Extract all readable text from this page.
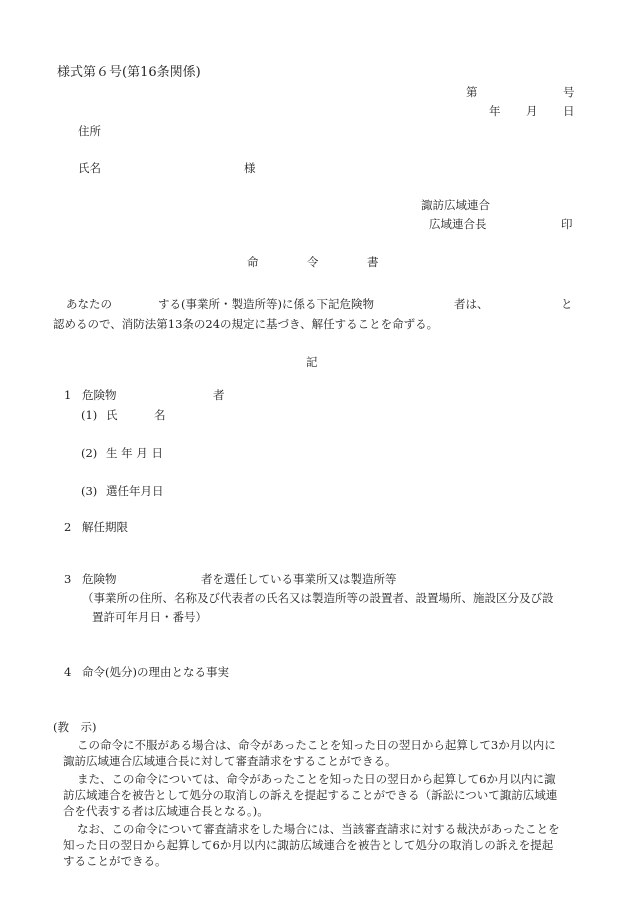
様式第６号(第16条関係)
第	号
年 月 日
住所
氏名	様
諏訪広域連合
広域連合長	印
命	令	書
あなたの	する(事業所・製造所等)に係る下記危険物	者は、	と
認めるので、消防法第13条の24の規定に基づき、解任することを命ずる。
記
1 危険物	者
(1) 氏	名
(2) 生 年 月 日
(3) 選任年月日
2 解任期限
3 危険物	者を選任している事業所又は製造所等
（事業所の住所、名称及び代表者の氏名又は製造所等の設置者、設置場所、施設区分及び設
置許可年月日・番号）
4 命令(処分)の理由となる事実
(教　示)
この命令に不服がある場合は、命令があったことを知った日の翌日から起算して3か月以内に
諏訪広域連合広域連合長に対して審査請求をすることができる。
また、この命令については、命令があったことを知った日の翌日から起算して6か月以内に諏
訪広域連合を被告として処分の取消しの訴えを提起することができる（訴訟について諏訪広域連
合を代表する者は広域連合長となる。)。
なお、この命令について審査請求をした場合には、当該審査請求に対する裁決があったことを
知った日の翌日から起算して6か月以内に諏訪広域連合を被告として処分の取消しの訴えを提起
することができる。
